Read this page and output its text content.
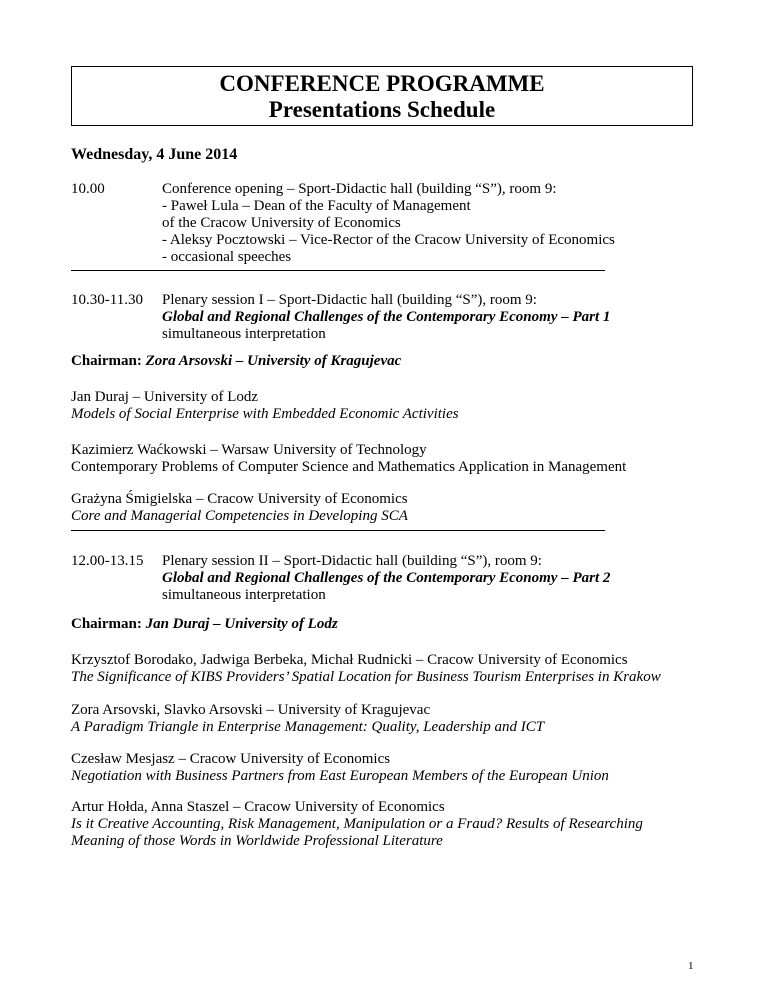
CONFERENCE PROGRAMME
Presentations Schedule
Wednesday, 4 June 2014
10.00	Conference opening – Sport-Didactic hall (building “S”), room 9:
- Paweł Lula – Dean of the Faculty of Management
of the Cracow University of Economics
- Aleksy Pocztowski – Vice-Rector of the Cracow University of Economics
- occasional speeches
10.30-11.30 Plenary session I – Sport-Didactic hall (building “S”), room 9:
Global and Regional Challenges of the Contemporary Economy – Part 1
simultaneous interpretation
Chairman: Zora Arsovski – University of Kragujevac
Jan Duraj – University of Lodz
Models of Social Enterprise with Embedded Economic Activities
Kazimierz Waćkowski – Warsaw University of Technology
Contemporary Problems of Computer Science and Mathematics Application in Management
Grażyna Śmigielska – Cracow University of Economics
Core and Managerial Competencies in Developing SCA
12.00-13.15 Plenary session II – Sport-Didactic hall (building “S”), room 9:
Global and Regional Challenges of the Contemporary Economy – Part 2
simultaneous interpretation
Chairman: Jan Duraj – University of Lodz
Krzysztof Borodako, Jadwiga Berbeka, Michał Rudnicki – Cracow University of Economics
The Significance of KIBS Providers’ Spatial Location for Business Tourism Enterprises in Krakow
Zora Arsovski, Slavko Arsovski – University of Kragujevac
A Paradigm Triangle in Enterprise Management: Quality, Leadership and ICT
Czesław Mesjasz – Cracow University of Economics
Negotiation with Business Partners from East European Members of the European Union
Artur Hołda, Anna Staszel – Cracow University of Economics
Is it Creative Accounting, Risk Management, Manipulation or a Fraud? Results of Researching
Meaning of those Words in Worldwide Professional Literature
1
